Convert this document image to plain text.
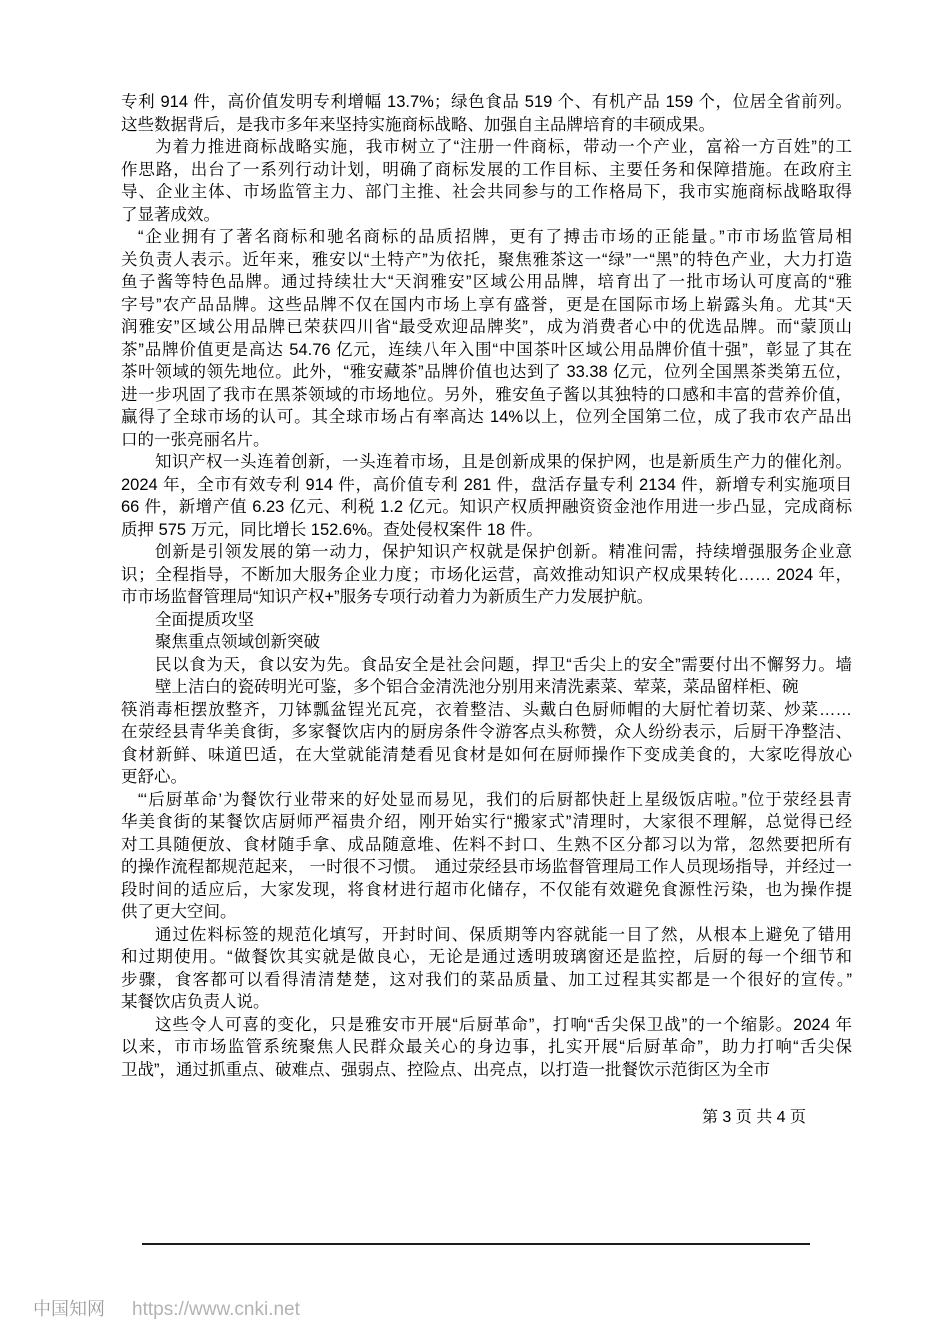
专利 914 件，高价值发明专利增幅 13.7%；绿色食品 519 个、有机产品 159 个，位居全省前列。
这些数据背后，是我市多年来坚持实施商标战略、加强自主品牌培育的丰硕成果。
为着力推进商标战略实施，我市树立了“注册一件商标，带动一个产业，富裕一方百姓”的工
作思路，出台了一系列行动计划，明确了商标发展的工作目标、主要任务和保障措施。在政府主
导、企业主体、市场监管主力、部门主推、社会共同参与的工作格局下，我市实施商标战略取得
了显著成效。
“企业拥有了著名商标和驰名商标的品质招牌，更有了搏击市场的正能量。”市市场监管局相
关负责人表示。近年来，雅安以“土特产”为依托，聚焦雅茶这一“绿”一“黑”的特色产业，大力打造
鱼子酱等特色品牌。通过持续壮大“天润雅安”区域公用品牌，培育出了一批市场认可度高的“雅
字号”农产品品牌。这些品牌不仅在国内市场上享有盛誉，更是在国际市场上崭露头角。尤其“天
润雅安”区域公用品牌已荣获四川省“最受欢迎品牌奖”，成为消费者心中的优选品牌。而“蒙顶山
茶”品牌价值更是高达 54.76 亿元，连续八年入围“中国茶叶区域公用品牌价值十强”，彰显了其在
茶叶领域的领先地位。此外，“雅安藏茶”品牌价值也达到了 33.38 亿元，位列全国黑茶类第五位，
进一步巩固了我市在黑茶领域的市场地位。另外，雅安鱼子酱以其独特的口感和丰富的营养价值，
赢得了全球市场的认可。其全球市场占有率高达 14%以上，位列全国第二位，成了我市农产品出
口的一张亮丽名片。
知识产权一头连着创新，一头连着市场，且是创新成果的保护网，也是新质生产力的催化剂。
2024 年，全市有效专利 914 件，高价值专利 281 件，盘活存量专利 2134 件，新增专利实施项目
66 件，新增产值 6.23 亿元、利税 1.2 亿元。知识产权质押融资资金池作用进一步凸显，完成商标
质押 575 万元，同比增长 152.6%。查处侵权案件 18 件。
创新是引领发展的第一动力，保护知识产权就是保护创新。精准问需，持续增强服务企业意
识；全程指导，不断加大服务企业力度；市场化运营，高效推动知识产权成果转化…… 2024 年，
市市场监督管理局“知识产权+”服务专项行动着力为新质生产力发展护航。
全面提质攻坚
聚焦重点领域创新突破
民以食为天，食以安为先。食品安全是社会问题，捍卫“舌尖上的安全”需要付出不懈努力。墙
壁上洁白的瓷砖明光可鉴，多个铝合金清洗池分别用来清洗素菜、荤菜，菜品留样柜、碗
筷消毒柜摆放整齐，刀钵瓢盆锃光瓦亮，衣着整洁、头戴白色厨师帽的大厨忙着切菜、炒菜……
在荥经县青华美食街，多家餐饮店内的厨房条件令游客点头称赞，众人纷纷表示，后厨干净整洁、
食材新鲜、味道巴适，在大堂就能清楚看见食材是如何在厨师操作下变成美食的，大家吃得放心
更舒心。
“‘后厨革命’为餐饮行业带来的好处显而易见，我们的后厨都快赶上星级饭店啦。”位于荥经县青
华美食街的某餐饮店厨师严福贵介绍，刚开始实行“搬家式”清理时，大家很不理解，总觉得已经
对工具随便放、食材随手拿、成品随意堆、佐料不封口、生熟不区分都习以为常，忽然要把所有
的操作流程都规范起来， 一时很不习惯。　通过荥经县市场监督管理局工作人员现场指导，并经过一
段时间的适应后，大家发现，将食材进行超市化储存，不仅能有效避免食源性污染，也为操作提
供了更大空间。
通过佐料标签的规范化填写，开封时间、保质期等内容就能一目了然，从根本上避免了错用
和过期使用。“做餐饮其实就是做良心，无论是通过透明玻璃窗还是监控，后厨的每一个细节和
步骤，食客都可以看得清清楚楚，这对我们的菜品质量、加工过程其实都是一个很好的宣传。”
某餐饮店负责人说。
这些令人可喜的变化，只是雅安市开展“后厨革命”，打响“舌尖保卫战”的一个缩影。2024 年
以来，市市场监管系统聚焦人民群众最关心的身边事，扎实开展“后厨革命”，助力打响“舌尖保
卫战”，通过抓重点、破难点、强弱点、控险点、出亮点，以打造一批餐饮示范街区为全市
第 3 页 共 4 页
中国知网 https://www.cnki.net
